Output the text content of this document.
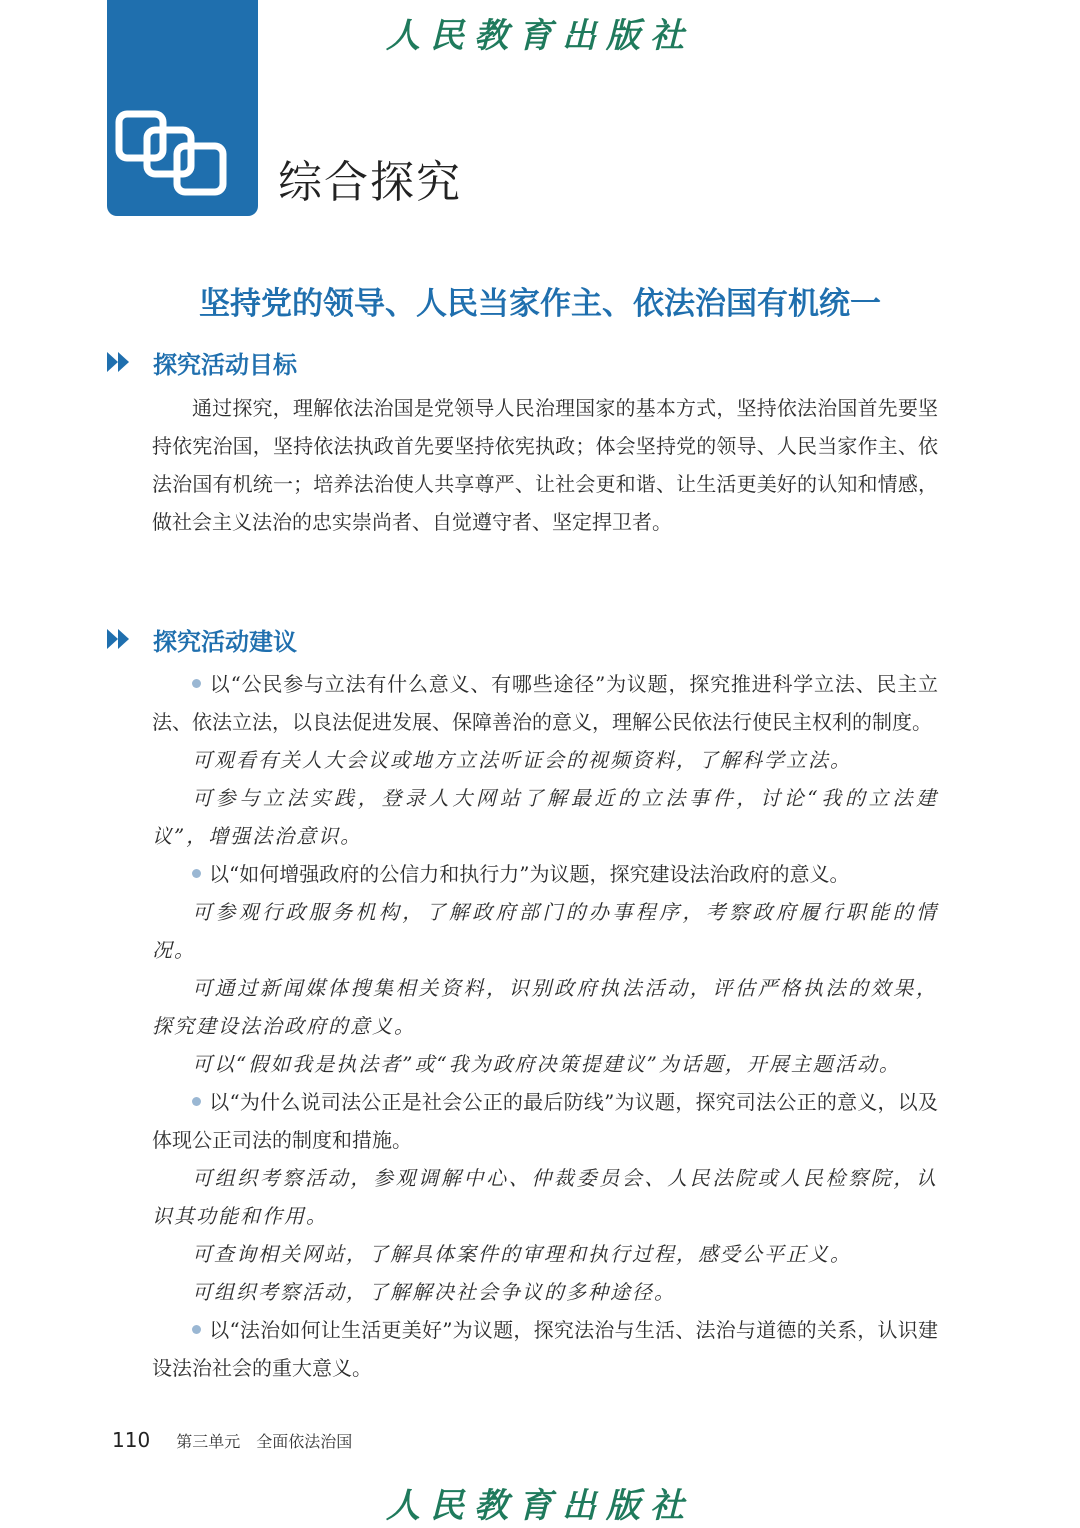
人民教育出版社
综合探究
坚持党的领导、人民当家作主、依法治国有机统一
探究活动目标

通过探究，理解依法治国是党领导人民治理国家的基本方式，坚持依法治国首先要坚持依宪治国，坚持依法执政首先要坚持依宪执政；体会坚持党的领导、人民当家作主、依法治国有机统一；培养法治使人共享尊严、让社会更和谐、让生活更美好的认知和情感，做社会主义法治的忠实崇尚者、自觉遵守者、坚定捍卫者。

探究活动建议

以“公民参与立法有什么意义、有哪些途径”为议题，探究推进科学立法、民主立法、依法立法，以良法促进发展、保障善治的意义，理解公民依法行使民主权利的制度。

可观看有关人大会议或地方立法听证会的视频资料，了解科学立法。

可参与立法实践，登录人大网站了解最近的立法事件，讨论“我的立法建议”，增强法治意识。

以“如何增强政府的公信力和执行力”为议题，探究建设法治政府的意义。

可参观行政服务机构，了解政府部门的办事程序，考察政府履行职能的情况。

可通过新闻媒体搜集相关资料，识别政府执法活动，评估严格执法的效果，探究建设法治政府的意义。

可以“假如我是执法者”或“我为政府决策提建议”为话题，开展主题活动。

以“为什么说司法公正是社会公正的最后防线”为议题，探究司法公正的意义，以及体现公正司法的制度和措施。

可组织考察活动，参观调解中心、仲裁委员会、人民法院或人民检察院，认识其功能和作用。

可查询相关网站，了解具体案件的审理和执行过程，感受公平正义。

可组织考察活动，了解解决社会争议的多种途径。

以“法治如何让生活更美好”为议题，探究法治与生活、法治与道德的关系，认识建设法治社会的重大意义。

110 第三单元 全面依法治国
人民教育出版社
